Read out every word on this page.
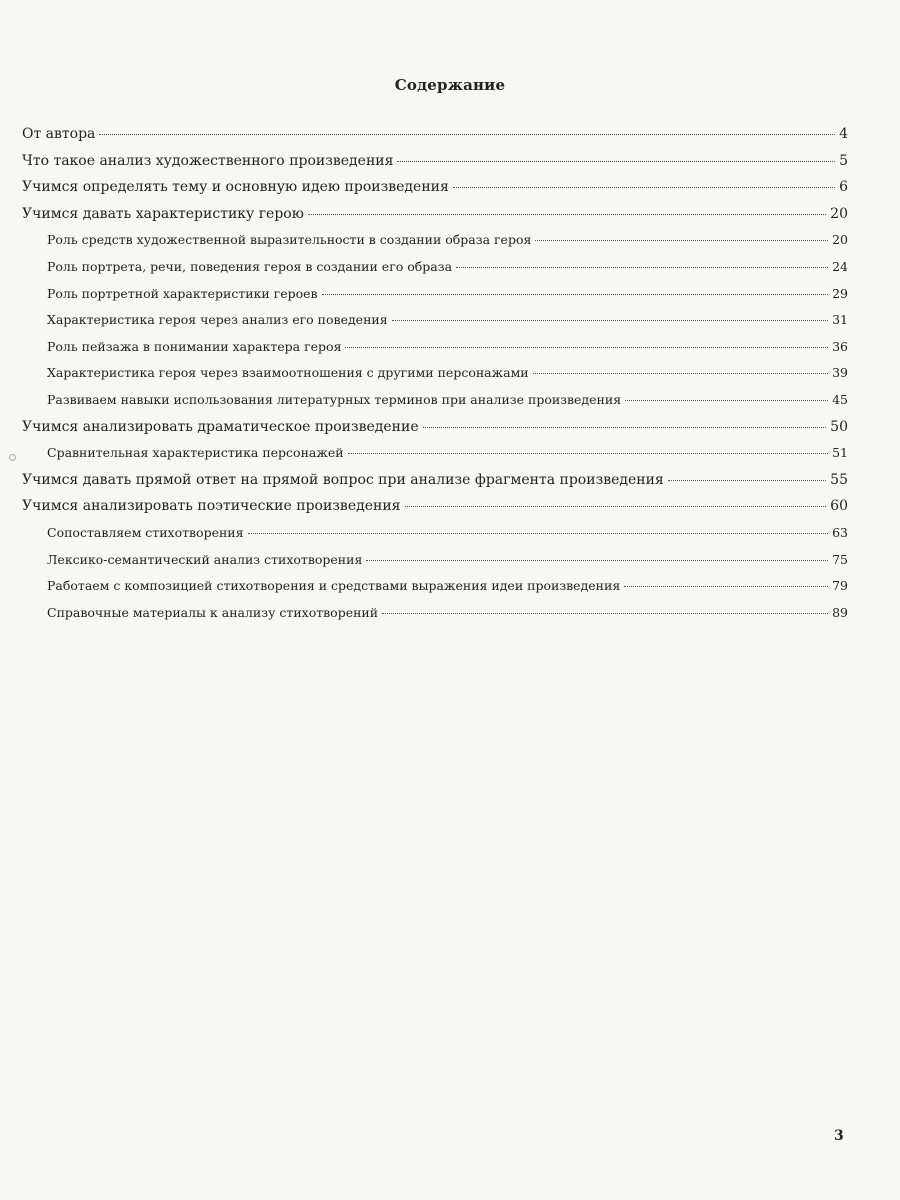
Содержание
От автора	4
Что такое анализ художественного произведения	5
Учимся определять тему и основную идею произведения	6
Учимся давать характеристику герою	20
Роль средств художественной выразительности в создании образа героя	20
Роль портрета, речи, поведения героя в создании его образа	24
Роль портретной характеристики героев	29
Характеристика героя через анализ его поведения	31
Роль пейзажа в понимании характера героя	36
Характеристика героя через взаимоотношения с другими персонажами	39
Развиваем навыки использования литературных терминов при анализе произведения	45
Учимся анализировать драматическое произведение	50
Сравнительная характеристика персонажей	51
Учимся давать прямой ответ на прямой вопрос при анализе фрагмента произведения	55
Учимся анализировать поэтические произведения	60
Сопоставляем стихотворения	63
Лексико-семантический анализ стихотворения	75
Работаем с композицией стихотворения и средствами выражения идеи произведения	79
Справочные материалы к анализу стихотворений	89
3
